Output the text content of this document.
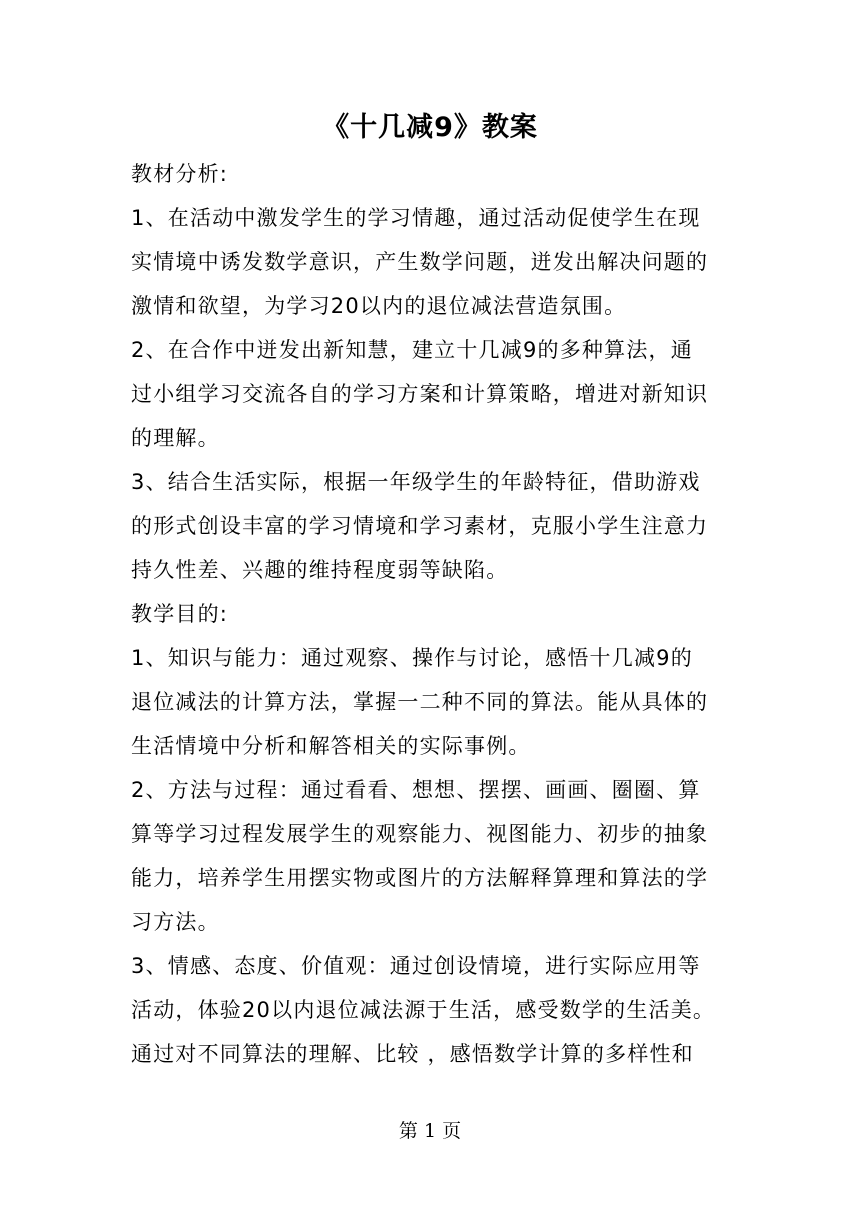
《十几减9》教案
教材分析:
1、在活动中激发学生的学习情趣，通过活动促使学生在现
实情境中诱发数学意识，产生数学问题，迸发出解决问题的
激情和欲望，为学习20以内的退位减法营造氛围。
2、在合作中迸发出新知慧，建立十几减9的多种算法，通
过小组学习交流各自的学习方案和计算策略，增进对新知识
的理解。
3、结合生活实际，根据一年级学生的年龄特征，借助游戏
的形式创设丰富的学习情境和学习素材，克服小学生注意力
持久性差、兴趣的维持程度弱等缺陷。
教学目的:
1、知识与能力：通过观察、操作与讨论，感悟十几减9的
退位减法的计算方法，掌握一二种不同的算法。能从具体的
生活情境中分析和解答相关的实际事例。
2、方法与过程：通过看看、想想、摆摆、画画、圈圈、算
算等学习过程发展学生的观察能力、视图能力、初步的抽象
能力，培养学生用摆实物或图片的方法解释算理和算法的学
习方法。
3、情感、态度、价值观：通过创设情境，进行实际应用等
活动，体验20以内退位减法源于生活，感受数学的生活美。
通过对不同算法的理解、比较 ，感悟数学计算的多样性和
第 1 页
